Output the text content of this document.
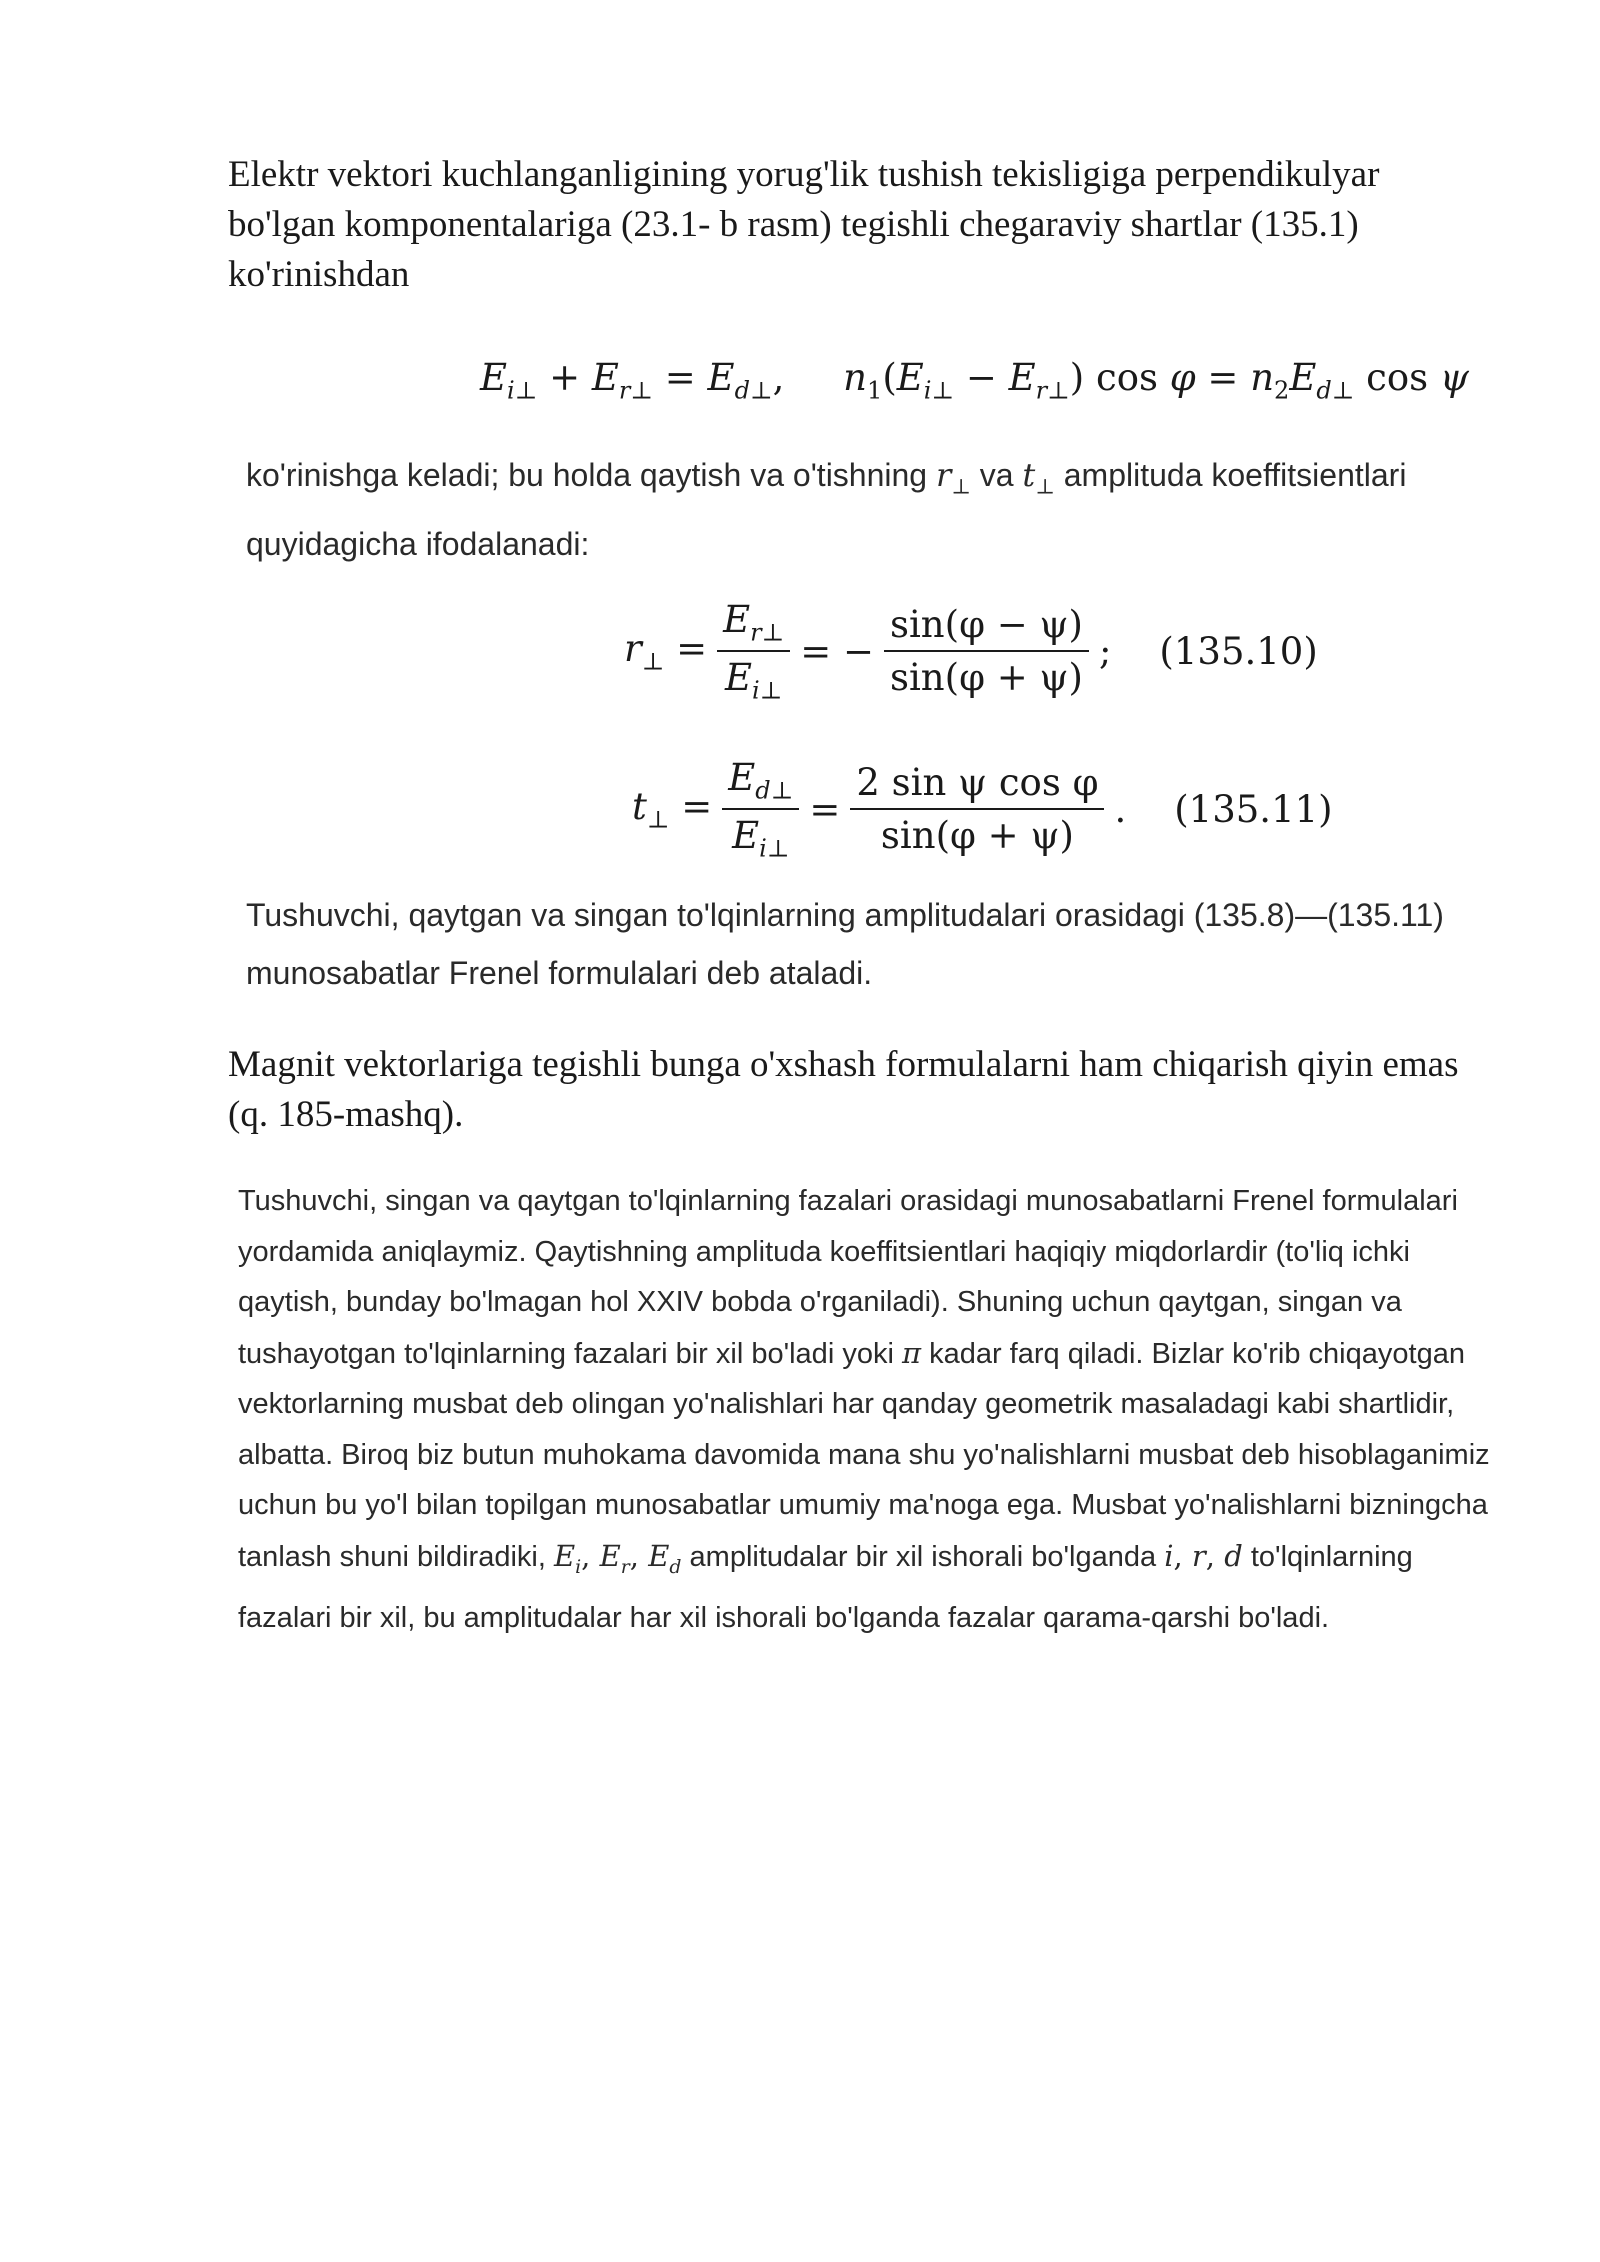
Elektr vektori kuchlanganligining yorug'lik tushish tekisligiga perpendikulyar bo'lgan komponentalariga (23.1- b rasm) tegishli chegaraviy shartlar (135.1) ko'rinishdan
$E_{i\perp} + E_{r\perp} = E_{d\perp}$,     $n_1(E_{i\perp} - E_{r\perp})$ $\cos \varphi = n_2E_{d\perp}$ cos ψ
ko'rinishga keladi; bu holda qaytish va o'tishning $r_\perp$ va $t_\perp$ amplituda koeffitsientlari quyidagicha ifodalanadi:
$r_\perp = \frac{E_{r\perp}}{E_{i\perp}}$ = − $\frac{\sin(\varphi - \psi)}{\sin(\varphi + \psi)}$ ; (135.10)
$t_\perp = \frac{E_{d\perp}}{E_{i\perp}} = \frac{\text{2 sin ψ cos φ}}{\sin(\varphi + \psi)}$ . (135.11)
Tushuvchi, qaytgan va singan to'lqinlarning amplitudalari orasidagi (135.8)—(135.11) munosabatlar Frenel formulalari deb ataladi.
Magnit vektorlariga tegishli bunga o'xshash formulalarni ham chiqarish qiyin emas (q. 185-mashq).
Tushuvchi, singan va qaytgan to'lqinlarning fazalari orasidagi munosabatlarni Frenel formulalari yordamida aniqlaymiz. Qaytishning amplituda koeffitsientlari haqiqiy miqdorlardir (to'liq ichki qaytish, bunday bo'lmagan hol XXIV bobda o'rganiladi). Shuning uchun qaytgan, singan va tushayotgan to'lqinlarning fazalari bir xil bo'ladi yoki π kadar farq qiladi. Bizlar ko'rib chiqayotgan vektorlarning musbat deb olingan yo'nalishlari har qanday geometrik masaladagi kabi shartlidir, albatta. Biroq biz butun muhokama davomida mana shu yo'nalishlarni musbat deb hisoblaganimiz uchun bu yo'l bilan topilgan munosabatlar umumiy ma'noga ega. Musbat yo'nalishlarni bizningcha tanlash shuni bildiradiki, $E_i$, $E_r$, $E_d$ amplitudalar bir xil ishorali bo'lganda i, r, d to'lqinlarning fazalari bir xil, bu amplitudalar har xil ishorali bo'lganda fazalar qarama-qarshi bo'ladi.
